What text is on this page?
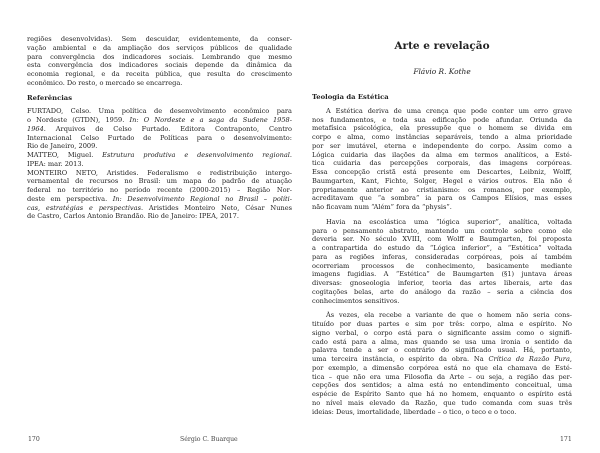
regiões desenvolvidas). Sem descuidar, evidentemente, da conser-
vação ambiental e da ampliação dos serviços públicos de qualidade
para convergência dos indicadores sociais. Lembrando que mesmo
esta convergência dos indicadores sociais depende da dinâmica da
economia regional, e da receita pública, que resulta do crescimento
econômico. Do resto, o mercado se encarrega.
Referências
FURTADO, Celso. Uma política de desenvolvimento econômico para
o Nordeste (GTDN), 1959. In: O Nordeste e a saga da Sudene 1958-
1964. Arquivos de Celso Furtado. Editora Contraponto, Centro
Internacional Celso Furtado de Políticas para o desenvolvimento:
Rio de Janeiro, 2009.
MATTEO, Miguel. Estrutura produtiva e desenvolvimento regional.
IPEA: mar. 2013.
MONTEIRO NETO, Aristides. Federalismo e redistribuição intergo-
vernamental de recursos no Brasil: um mapa do padrão de atuação
federal no território no período recente (2000-2015) – Região Nor-
deste em perspectiva. In: Desenvolvimento Regional no Brasil – políti-
cas, estratégias e perspectivas. Aristides Monteiro Neto, César Nunes
de Castro, Carlos Antonio Brandão. Rio de Janeiro: IPEA, 2017.
170	Sérgio C. Buarque
Arte e revelação
Flávio R. Kothe
Teologia da Estética
A Estética deriva de uma crença que pode conter um erro grave
nos fundamentos, e toda sua edificação pode afundar. Oriunda da
metafísica psicológica, ela pressupõe que o homem se divida em
corpo e alma, como instâncias separáveis, tendo a alma prioridade
por ser imutável, eterna e independente do corpo. Assim como a
Lógica cuidaria das ilações da alma em termos analíticos, a Esté-
tica cuidaria das percepções corporais, das imagens corpóreas.
Essa concepção cristã está presente em Descartes, Leibniz, Wolff,
Baumgarten, Kant, Fichte, Solger, Hegel e vários outros. Ela não é
propriamente anterior ao cristianismo: os romanos, por exemplo,
acreditavam que “a sombra” ia para os Campos Elísios, mas esses
não ficavam num “Além” fora da “physis”.
Havia na escolástica uma “lógica superior”, analítica, voltada
para o pensamento abstrato, mantendo um controle sobre como ele
deveria ser. No século XVIII, com Wolff e Baumgarten, foi proposta
a contrapartida do estudo da “Lógica inferior”, a “Estética” voltada
para as regiões inferas, consideradas corpóreas, pois aí também
ocorreriam processos de conhecimento, basicamente mediante
imagens fugidias. A “Estética” de Baumgarten (§1) juntava áreas
diversas: gnoseologia inferior, teoria das artes liberais, arte das
cogitações belas, arte do análogo da razão – seria a ciência dos
conhecimentos sensitivos.
Às vezes, ela recebe a variante de que o homem não seria cons-
tituído por duas partes e sim por três: corpo, alma e espírito. No
signo verbal, o corpo está para o significante assim como o signifi-
cado está para a alma, mas quando se usa uma ironia o sentido da
palavra tende a ser o contrário do significado usual. Há, portanto,
uma terceira instância, o espírito da obra. Na Crítica da Razão Pura,
por exemplo, a dimensão corpórea está no que ela chamava de Esté-
tica – que não era uma Filosofia da Arte – ou seja, a região das per-
cepções dos sentidos; a alma está no entendimento conceitual, uma
espécie de Espírito Santo que há no homem, enquanto o espírito está
no nível mais elevado da Razão, que tudo comanda com suas três
ideias: Deus, imortalidade, liberdade – o tico, o teco e o toco.
171
